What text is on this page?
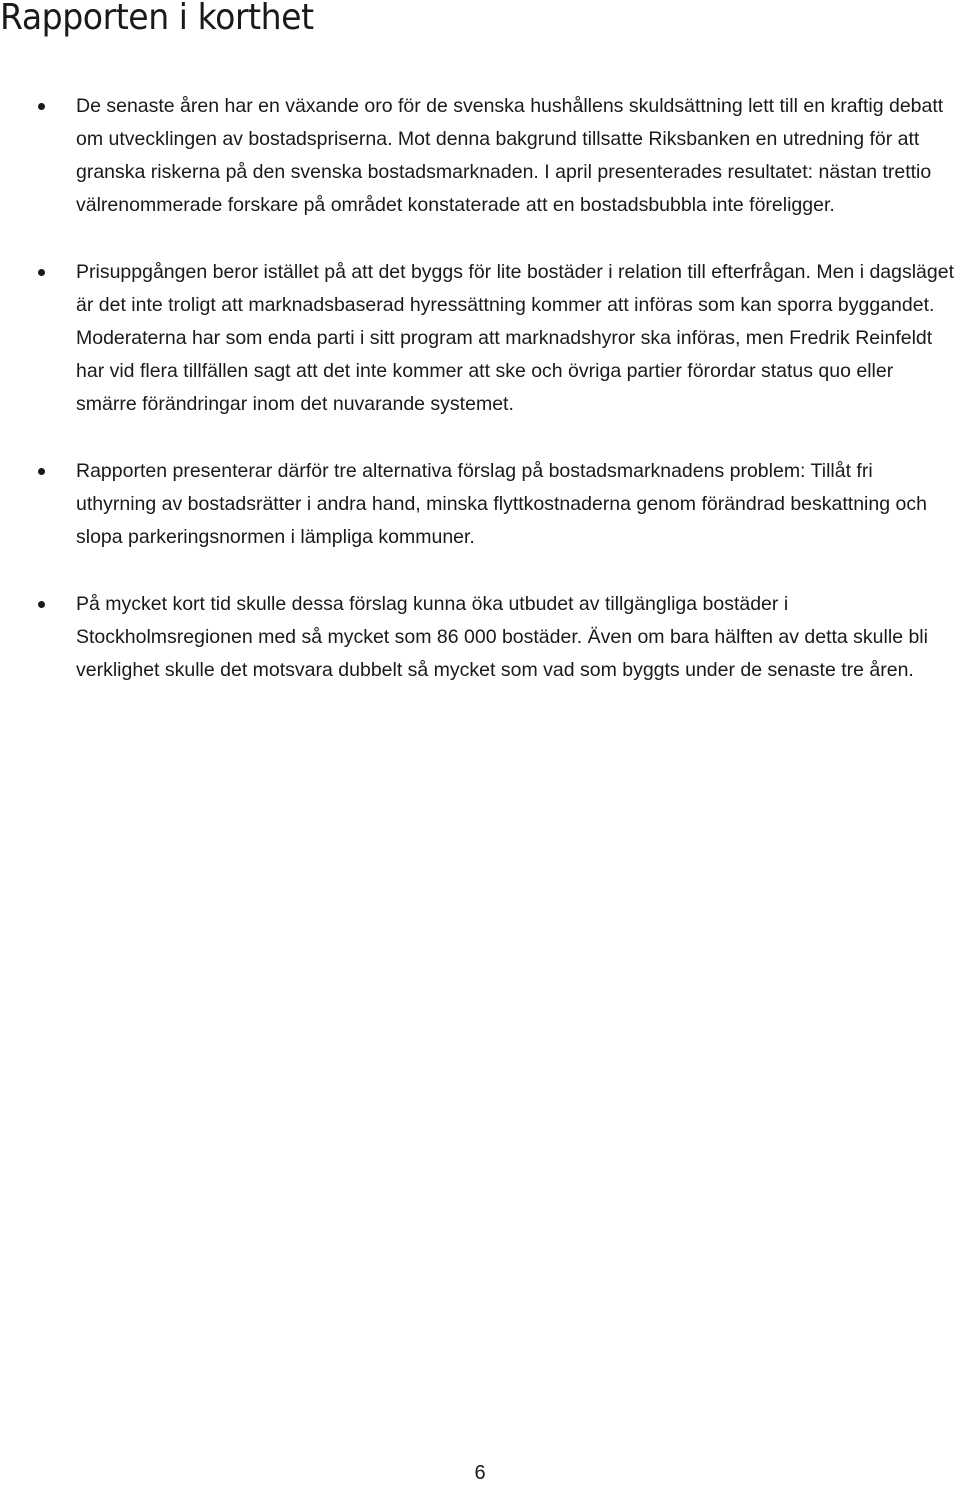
Rapporten i korthet
De senaste åren har en växande oro för de svenska hushållens skuldsättning lett till en kraftig debatt om utvecklingen av bostadspriserna. Mot denna bakgrund tillsatte Riksbanken en utredning för att granska riskerna på den svenska bostadsmarknaden. I april presenterades resultatet: nästan trettio välrenommerade forskare på området konstaterade att en bostadsbubbla inte föreligger.
Prisuppgången beror istället på att det byggs för lite bostäder i relation till efterfrågan. Men i dagsläget är det inte troligt att marknadsbaserad hyressättning kommer att införas som kan sporra byggandet. Moderaterna har som enda parti i sitt program att marknadshyror ska införas, men Fredrik Reinfeldt har vid flera tillfällen sagt att det inte kommer att ske och övriga partier förordar status quo eller smärre förändringar inom det nuvarande systemet.
Rapporten presenterar därför tre alternativa förslag på bostadsmarknadens problem: Tillåt fri uthyrning av bostadsrätter i andra hand, minska flyttkostnaderna genom förändrad beskattning och slopa parkeringsnormen i lämpliga kommuner.
På mycket kort tid skulle dessa förslag kunna öka utbudet av tillgängliga bostäder i Stockholmsregionen med så mycket som 86 000 bostäder. Även om bara hälften av detta skulle bli verklighet skulle det motsvara dubbelt så mycket som vad som byggts under de senaste tre åren.
6
